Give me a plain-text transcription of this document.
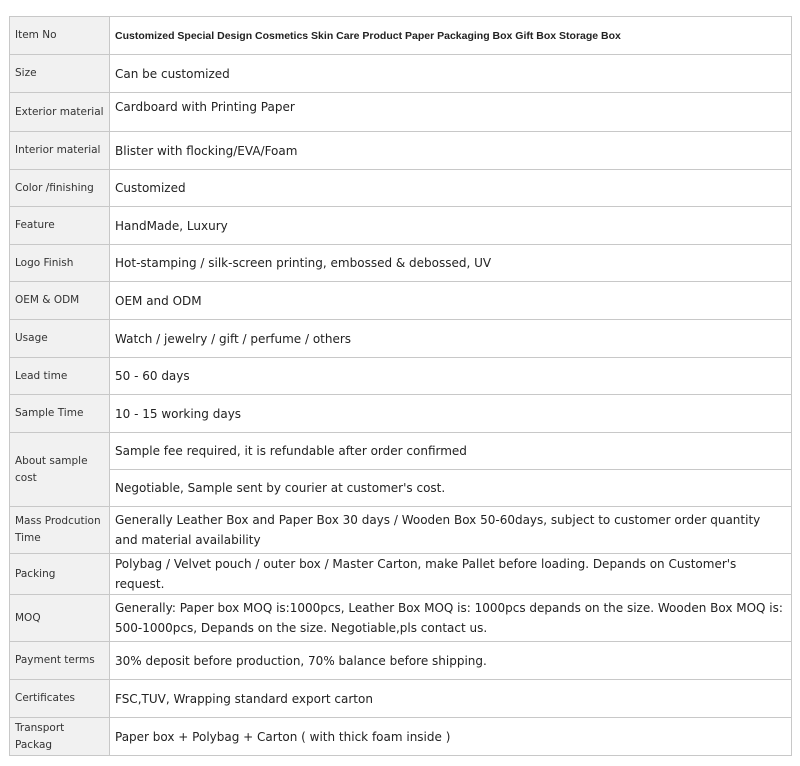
Item No	Customized Special Design Cosmetics Skin Care Product Paper Packaging Box Gift Box Storage Box
Size	Can be customized
Exterior material	Cardboard with Printing Paper
Interior material	Blister with flocking/EVA/Foam
Color /finishing	Customized
Feature	HandMade, Luxury
Logo Finish	Hot-stamping / silk-screen printing, embossed & debossed, UV
OEM & ODM	OEM and ODM
Usage	Watch / jewelry / gift / perfume / others
Lead time	50 - 60 days
Sample Time	10 - 15 working days
About sample cost	Sample fee required, it is refundable after order confirmed
	Negotiable, Sample sent by courier at customer's cost.
Mass Prodcution Time	Generally Leather Box and Paper Box 30 days / Wooden Box 50-60days, subject to customer order quantity and material availability
Packing	Polybag / Velvet pouch / outer box / Master Carton, make Pallet before loading. Depands on Customer's request.
MOQ	Generally: Paper box MOQ is:1000pcs, Leather Box MOQ is: 1000pcs depands on the size. Wooden Box MOQ is: 500-1000pcs, Depands on the size. Negotiable,pls contact us.
Payment terms	30% deposit before production, 70% balance before shipping.
Certificates	FSC,TUV, Wrapping standard export carton
Transport Packag	Paper box + Polybag + Carton ( with thick foam inside )
